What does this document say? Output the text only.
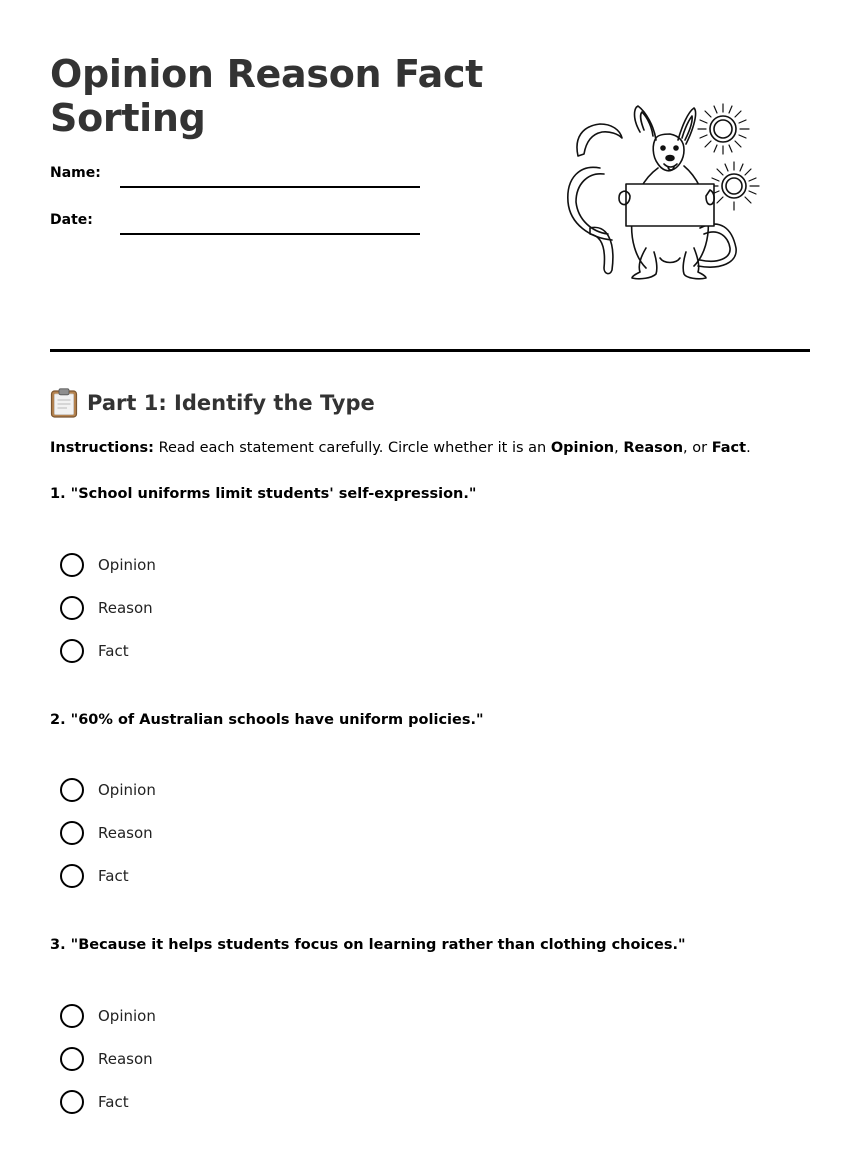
Opinion Reason Fact
Sorting
Name:
Date:
Part 1: Identify the Type
Instructions: Read each statement carefully. Circle whether it is an Opinion, Reason, or Fact.
1. "School uniforms limit students' self-expression."
Opinion
Reason
Fact
2. "60% of Australian schools have uniform policies."
Opinion
Reason
Fact
3. "Because it helps students focus on learning rather than clothing choices."
Opinion
Reason
Fact
